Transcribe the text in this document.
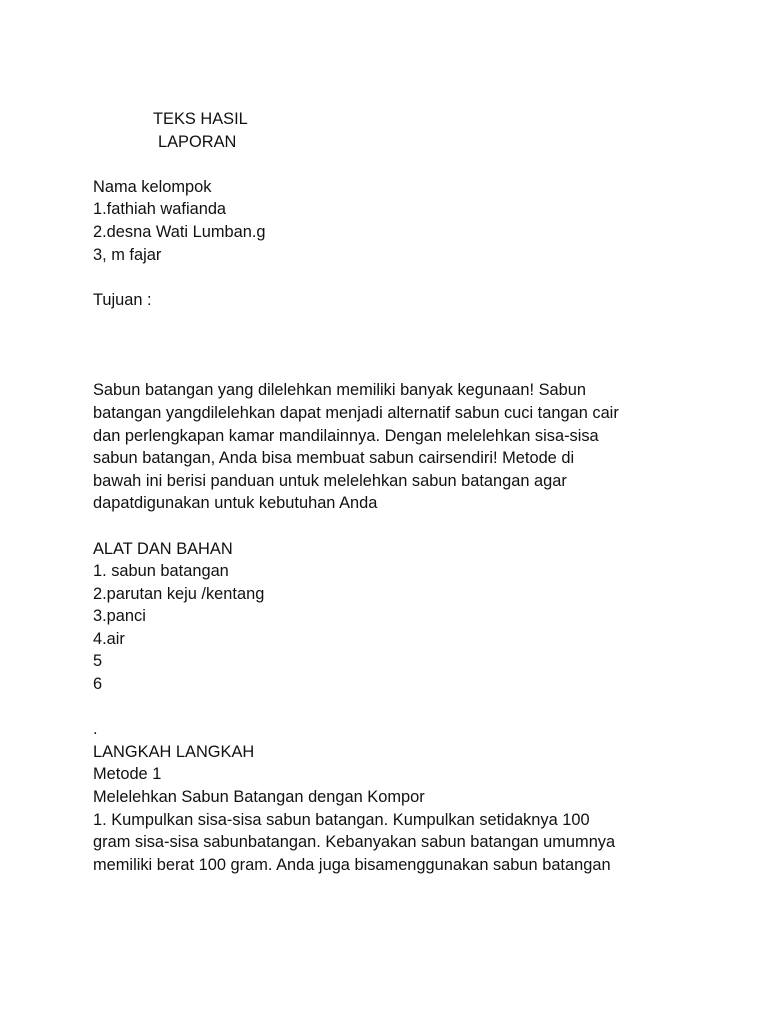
TEKS HASIL
LAPORAN
Nama kelompok
1.fathiah wafianda
2.desna Wati Lumban.g
3, m fajar
Tujuan :
Sabun batangan yang dilelehkan memiliki banyak kegunaan! Sabun
batangan yangdilelehkan dapat menjadi alternatif sabun cuci tangan cair
dan perlengkapan kamar mandilainnya. Dengan melelehkan sisa-sisa
sabun batangan, Anda bisa membuat sabun cairsendiri! Metode di
bawah ini berisi panduan untuk melelehkan sabun batangan agar
dapatdigunakan untuk kebutuhan Anda
ALAT DAN BAHAN
1. sabun batangan
2.parutan keju /kentang
3.panci
4.air
5
6
.
LANGKAH LANGKAH
Metode 1
Melelehkan Sabun Batangan dengan Kompor
1. Kumpulkan sisa-sisa sabun batangan. Kumpulkan setidaknya 100
gram sisa-sisa sabunbatangan. Kebanyakan sabun batangan umumnya
memiliki berat 100 gram. Anda juga bisamenggunakan sabun batangan
